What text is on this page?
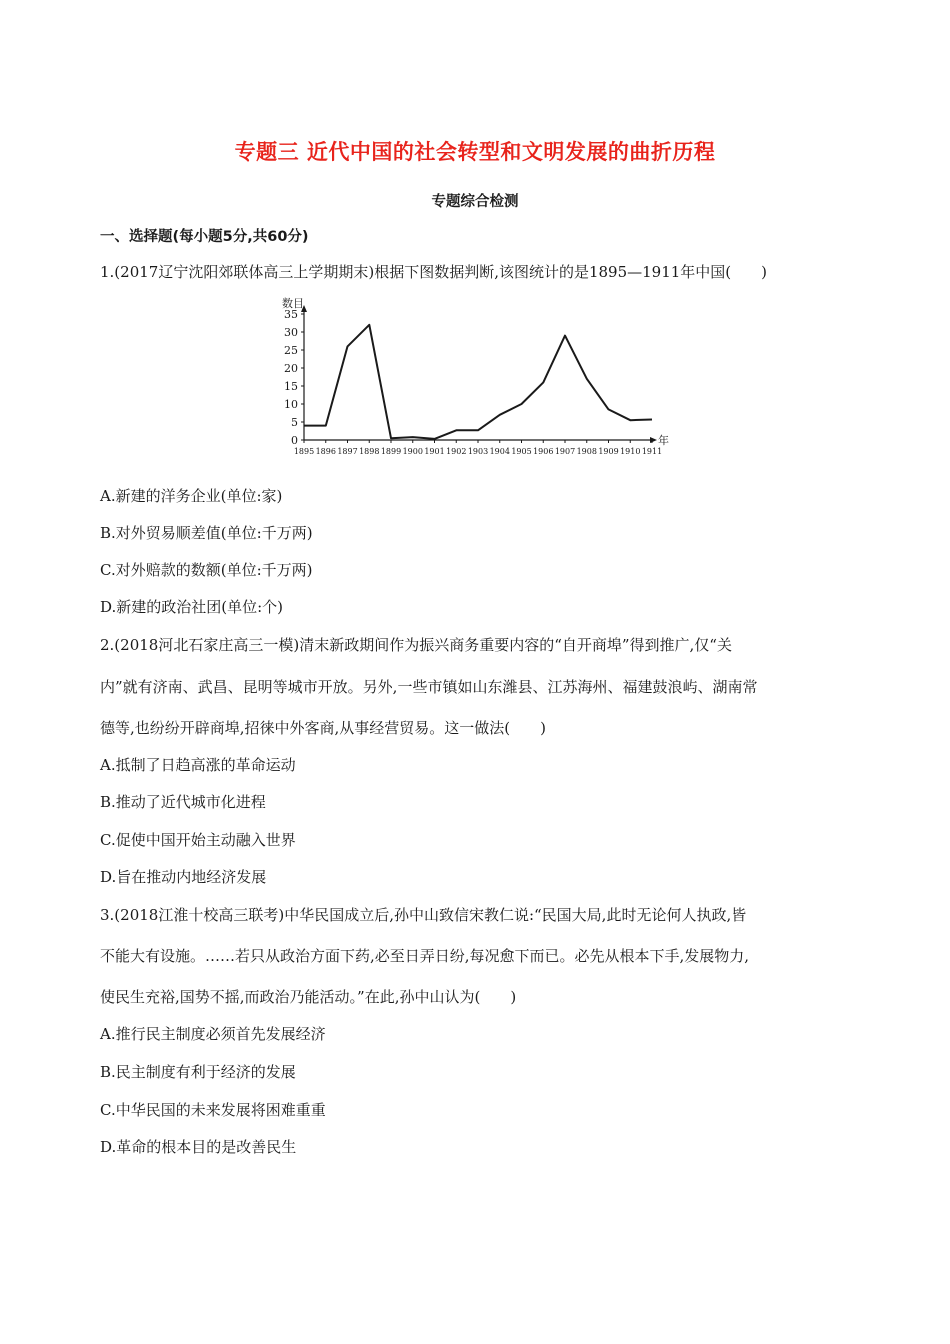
专题三 近代中国的社会转型和文明发展的曲折历程
专题综合检测
一、选择题(每小题5分,共60分)
1.(2017辽宁沈阳郊联体高三上学期期末)根据下图数据判断,该图统计的是1895—1911年中国(　　)
0
5
10
15
20
25
30
35
1895 1896 1897 1898 1899 1900 1901 1902 1903 1904 1905 1906 1907 1908 1909 1910 1911
数目
年
A.新建的洋务企业(单位:家)
B.对外贸易顺差值(单位:千万两)
C.对外赔款的数额(单位:千万两)
D.新建的政治社团(单位:个)
2.(2018河北石家庄高三一模)清末新政期间作为振兴商务重要内容的“自开商埠”得到推广,仅“关
内”就有济南、武昌、昆明等城市开放。另外,一些市镇如山东潍县、江苏海州、福建鼓浪屿、湖南常
德等,也纷纷开辟商埠,招徕中外客商,从事经营贸易。这一做法(　　)
A.抵制了日趋高涨的革命运动
B.推动了近代城市化进程
C.促使中国开始主动融入世界
D.旨在推动内地经济发展
3.(2018江淮十校高三联考)中华民国成立后,孙中山致信宋教仁说:“民国大局,此时无论何人执政,皆
不能大有设施。……若只从政治方面下药,必至日弄日纷,每况愈下而已。必先从根本下手,发展物力,
使民生充裕,国势不摇,而政治乃能活动。”在此,孙中山认为(　　)
A.推行民主制度必须首先发展经济
B.民主制度有利于经济的发展
C.中华民国的未来发展将困难重重
D.革命的根本目的是改善民生
